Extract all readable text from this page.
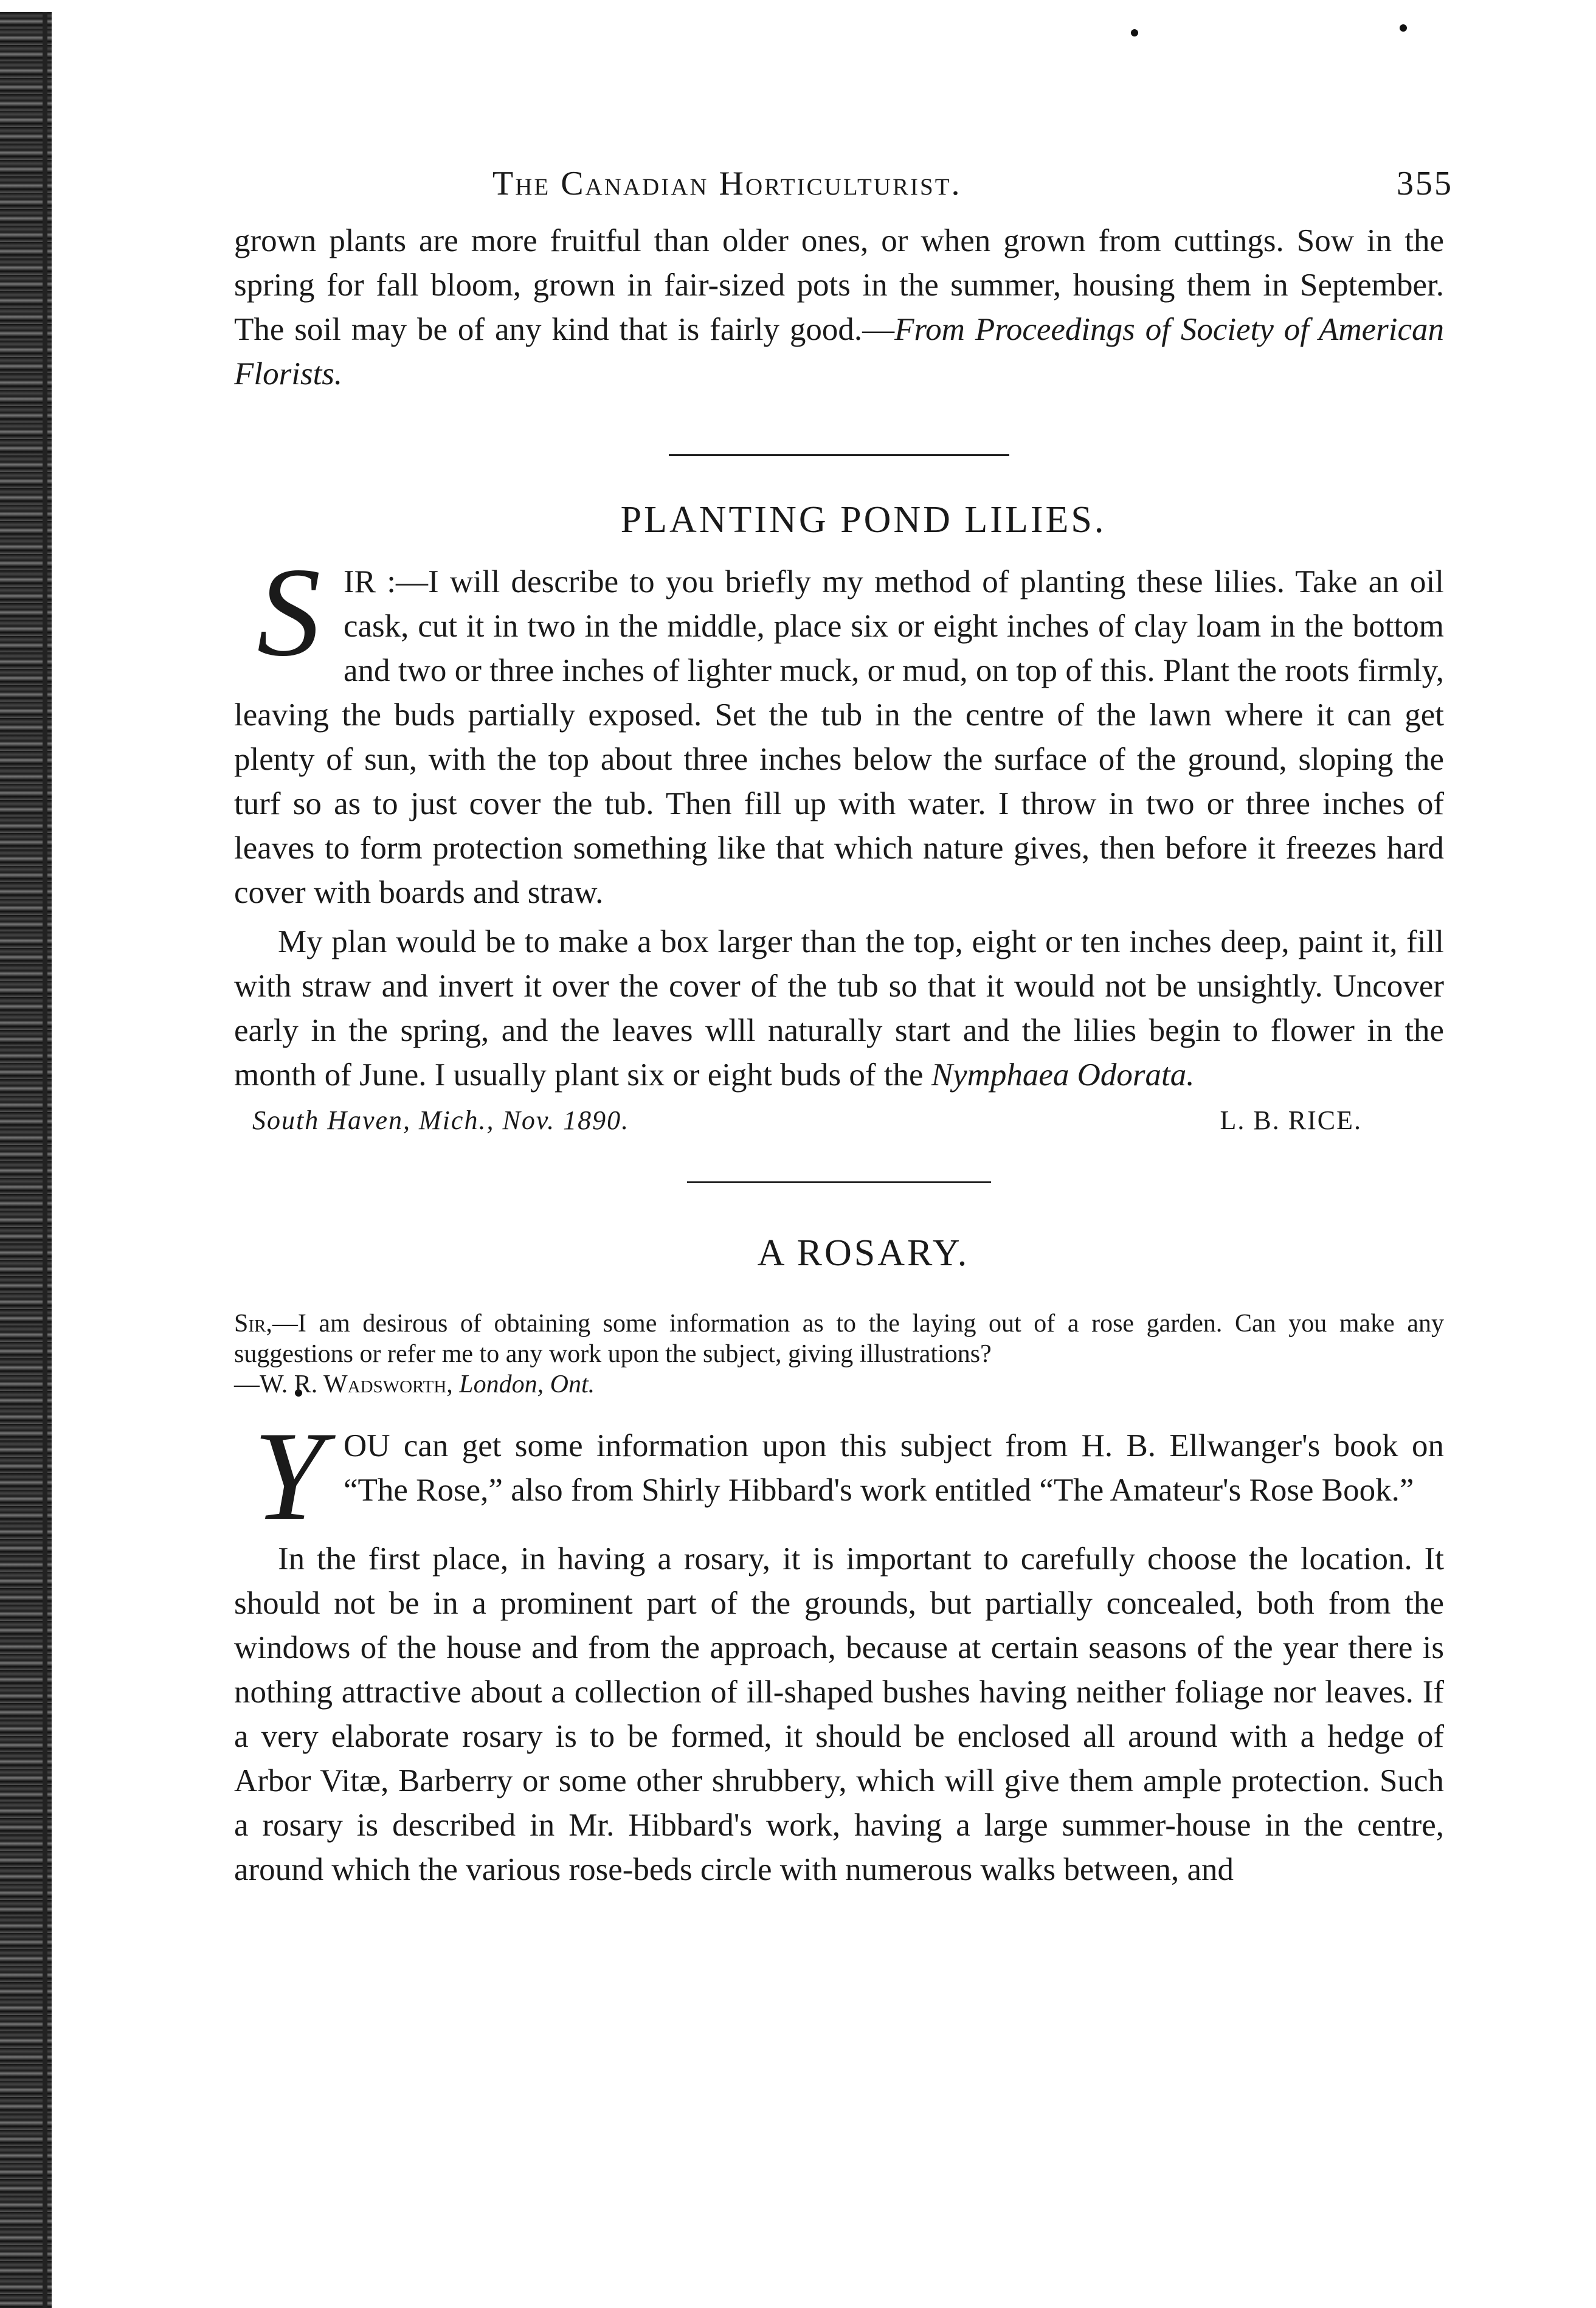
The Canadian Horticulturist.	355

grown plants are more fruitful than older ones, or when grown from cuttings. Sow in the spring for fall bloom, grown in fair-sized pots in the summer, housing them in September. The soil may be of any kind that is fairly good.—From Proceedings of Society of American Florists.

PLANTING POND LILIES.

SIR :—I will describe to you briefly my method of planting these lilies. Take an oil cask, cut it in two in the middle, place six or eight inches of clay loam in the bottom and two or three inches of lighter muck, or mud, on top of this. Plant the roots firmly, leaving the buds partially exposed. Set the tub in the centre of the lawn where it can get plenty of sun, with the top about three inches below the surface of the ground, sloping the turf so as to just cover the tub. Then fill up with water. I throw in two or three inches of leaves to form protection something like that which nature gives, then before it freezes hard cover with boards and straw.

My plan would be to make a box larger than the top, eight or ten inches deep, paint it, fill with straw and invert it over the cover of the tub so that it would not be unsightly. Uncover early in the spring, and the leaves wlll naturally start and the lilies begin to flower in the month of June. I usually plant six or eight buds of the Nymphaea Odorata.

South Haven, Mich., Nov. 1890.	L. B. RICE.
A ROSARY.

Sir,—I am desirous of obtaining some information as to the laying out of a rose garden. Can you make any suggestions or refer me to any work upon the subject, giving illustrations?
—W. R. Wadsworth, London, Ont.

YOU can get some information upon this subject from H. B. Ellwanger's book on “The Rose,” also from Shirly Hibbard's work entitled “The Amateur's Rose Book.”

In the first place, in having a rosary, it is important to carefully choose the location. It should not be in a prominent part of the grounds, but partially concealed, both from the windows of the house and from the approach, because at certain seasons of the year there is nothing attractive about a collection of ill-shaped bushes having neither foliage nor leaves. If a very elaborate rosary is to be formed, it should be enclosed all around with a hedge of Arbor Vitæ, Barberry or some other shrubbery, which will give them ample protection. Such a rosary is described in Mr. Hibbard's work, having a large summer-house in the centre, around which the various rose-beds circle with numerous walks between, and
